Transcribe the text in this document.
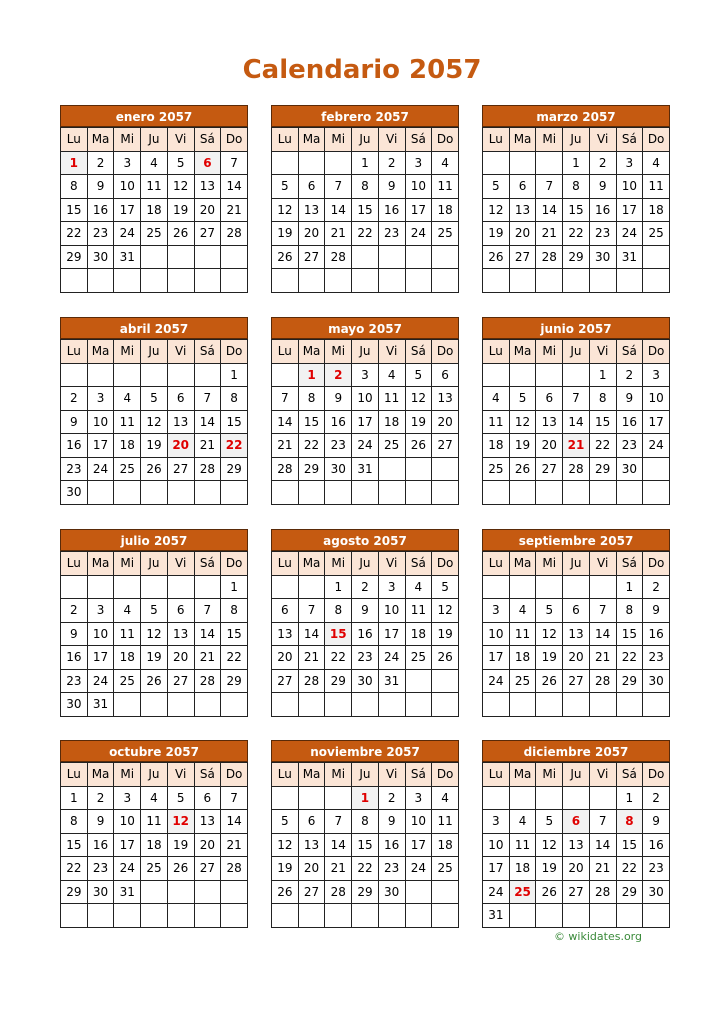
Calendario 2057
enero 2057
Lu	Ma	Mi	Ju	Vi	Sá	Do
1	2	3	4	5	6	7
8	9	10	11	12	13	14
15	16	17	18	19	20	21
22	23	24	25	26	27	28
29	30	31				

febrero 2057
Lu	Ma	Mi	Ju	Vi	Sá	Do
			1	2	3	4
5	6	7	8	9	10	11
12	13	14	15	16	17	18
19	20	21	22	23	24	25
26	27	28				

marzo 2057
Lu	Ma	Mi	Ju	Vi	Sá	Do
			1	2	3	4
5	6	7	8	9	10	11
12	13	14	15	16	17	18
19	20	21	22	23	24	25
26	27	28	29	30	31	

abril 2057
Lu	Ma	Mi	Ju	Vi	Sá	Do
						1
2	3	4	5	6	7	8
9	10	11	12	13	14	15
16	17	18	19	20	21	22
23	24	25	26	27	28	29
30						
mayo 2057
Lu	Ma	Mi	Ju	Vi	Sá	Do
	1	2	3	4	5	6
7	8	9	10	11	12	13
14	15	16	17	18	19	20
21	22	23	24	25	26	27
28	29	30	31			

junio 2057
Lu	Ma	Mi	Ju	Vi	Sá	Do
				1	2	3
4	5	6	7	8	9	10
11	12	13	14	15	16	17
18	19	20	21	22	23	24
25	26	27	28	29	30	

julio 2057
Lu	Ma	Mi	Ju	Vi	Sá	Do
						1
2	3	4	5	6	7	8
9	10	11	12	13	14	15
16	17	18	19	20	21	22
23	24	25	26	27	28	29
30	31					
agosto 2057
Lu	Ma	Mi	Ju	Vi	Sá	Do
		1	2	3	4	5
6	7	8	9	10	11	12
13	14	15	16	17	18	19
20	21	22	23	24	25	26
27	28	29	30	31		

septiembre 2057
Lu	Ma	Mi	Ju	Vi	Sá	Do
					1	2
3	4	5	6	7	8	9
10	11	12	13	14	15	16
17	18	19	20	21	22	23
24	25	26	27	28	29	30

octubre 2057
Lu	Ma	Mi	Ju	Vi	Sá	Do
1	2	3	4	5	6	7
8	9	10	11	12	13	14
15	16	17	18	19	20	21
22	23	24	25	26	27	28
29	30	31				

noviembre 2057
Lu	Ma	Mi	Ju	Vi	Sá	Do
			1	2	3	4
5	6	7	8	9	10	11
12	13	14	15	16	17	18
19	20	21	22	23	24	25
26	27	28	29	30		

diciembre 2057
Lu	Ma	Mi	Ju	Vi	Sá	Do
					1	2
3	4	5	6	7	8	9
10	11	12	13	14	15	16
17	18	19	20	21	22	23
24	25	26	27	28	29	30
31						
© wikidates.org
